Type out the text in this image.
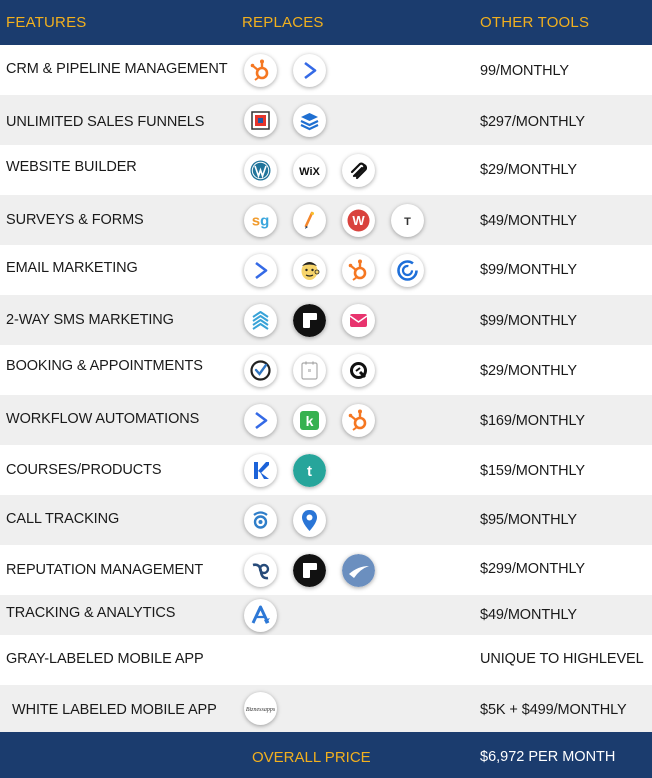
FEATURES	REPLACES	OTHER TOOLS
CRM & PIPELINE MANAGEMENT	99/MONTHLY
UNLIMITED SALES FUNNELS	$297/MONTHLY
WEBSITE BUILDER	WiX	$29/MONTHLY
SURVEYS & FORMS	sg	W	T	$49/MONTHLY
EMAIL MARKETING	$99/MONTHLY
2-WAY SMS MARKETING	$99/MONTHLY
BOOKING & APPOINTMENTS	$29/MONTHLY
WORKFLOW AUTOMATIONS	k	$169/MONTHLY
COURSES/PRODUCTS	t	$159/MONTHLY
CALL TRACKING	$95/MONTHLY
REPUTATION MANAGEMENT	$299/MONTHLY
TRACKING & ANALYTICS	$49/MONTHLY
GRAY-LABELED MOBILE APP	UNIQUE TO HIGHLEVEL
WHITE LABELED MOBILE APP	Biznessapps	$5K + $499/MONTHLY
OVERALL PRICE	$6,972 PER MONTH
